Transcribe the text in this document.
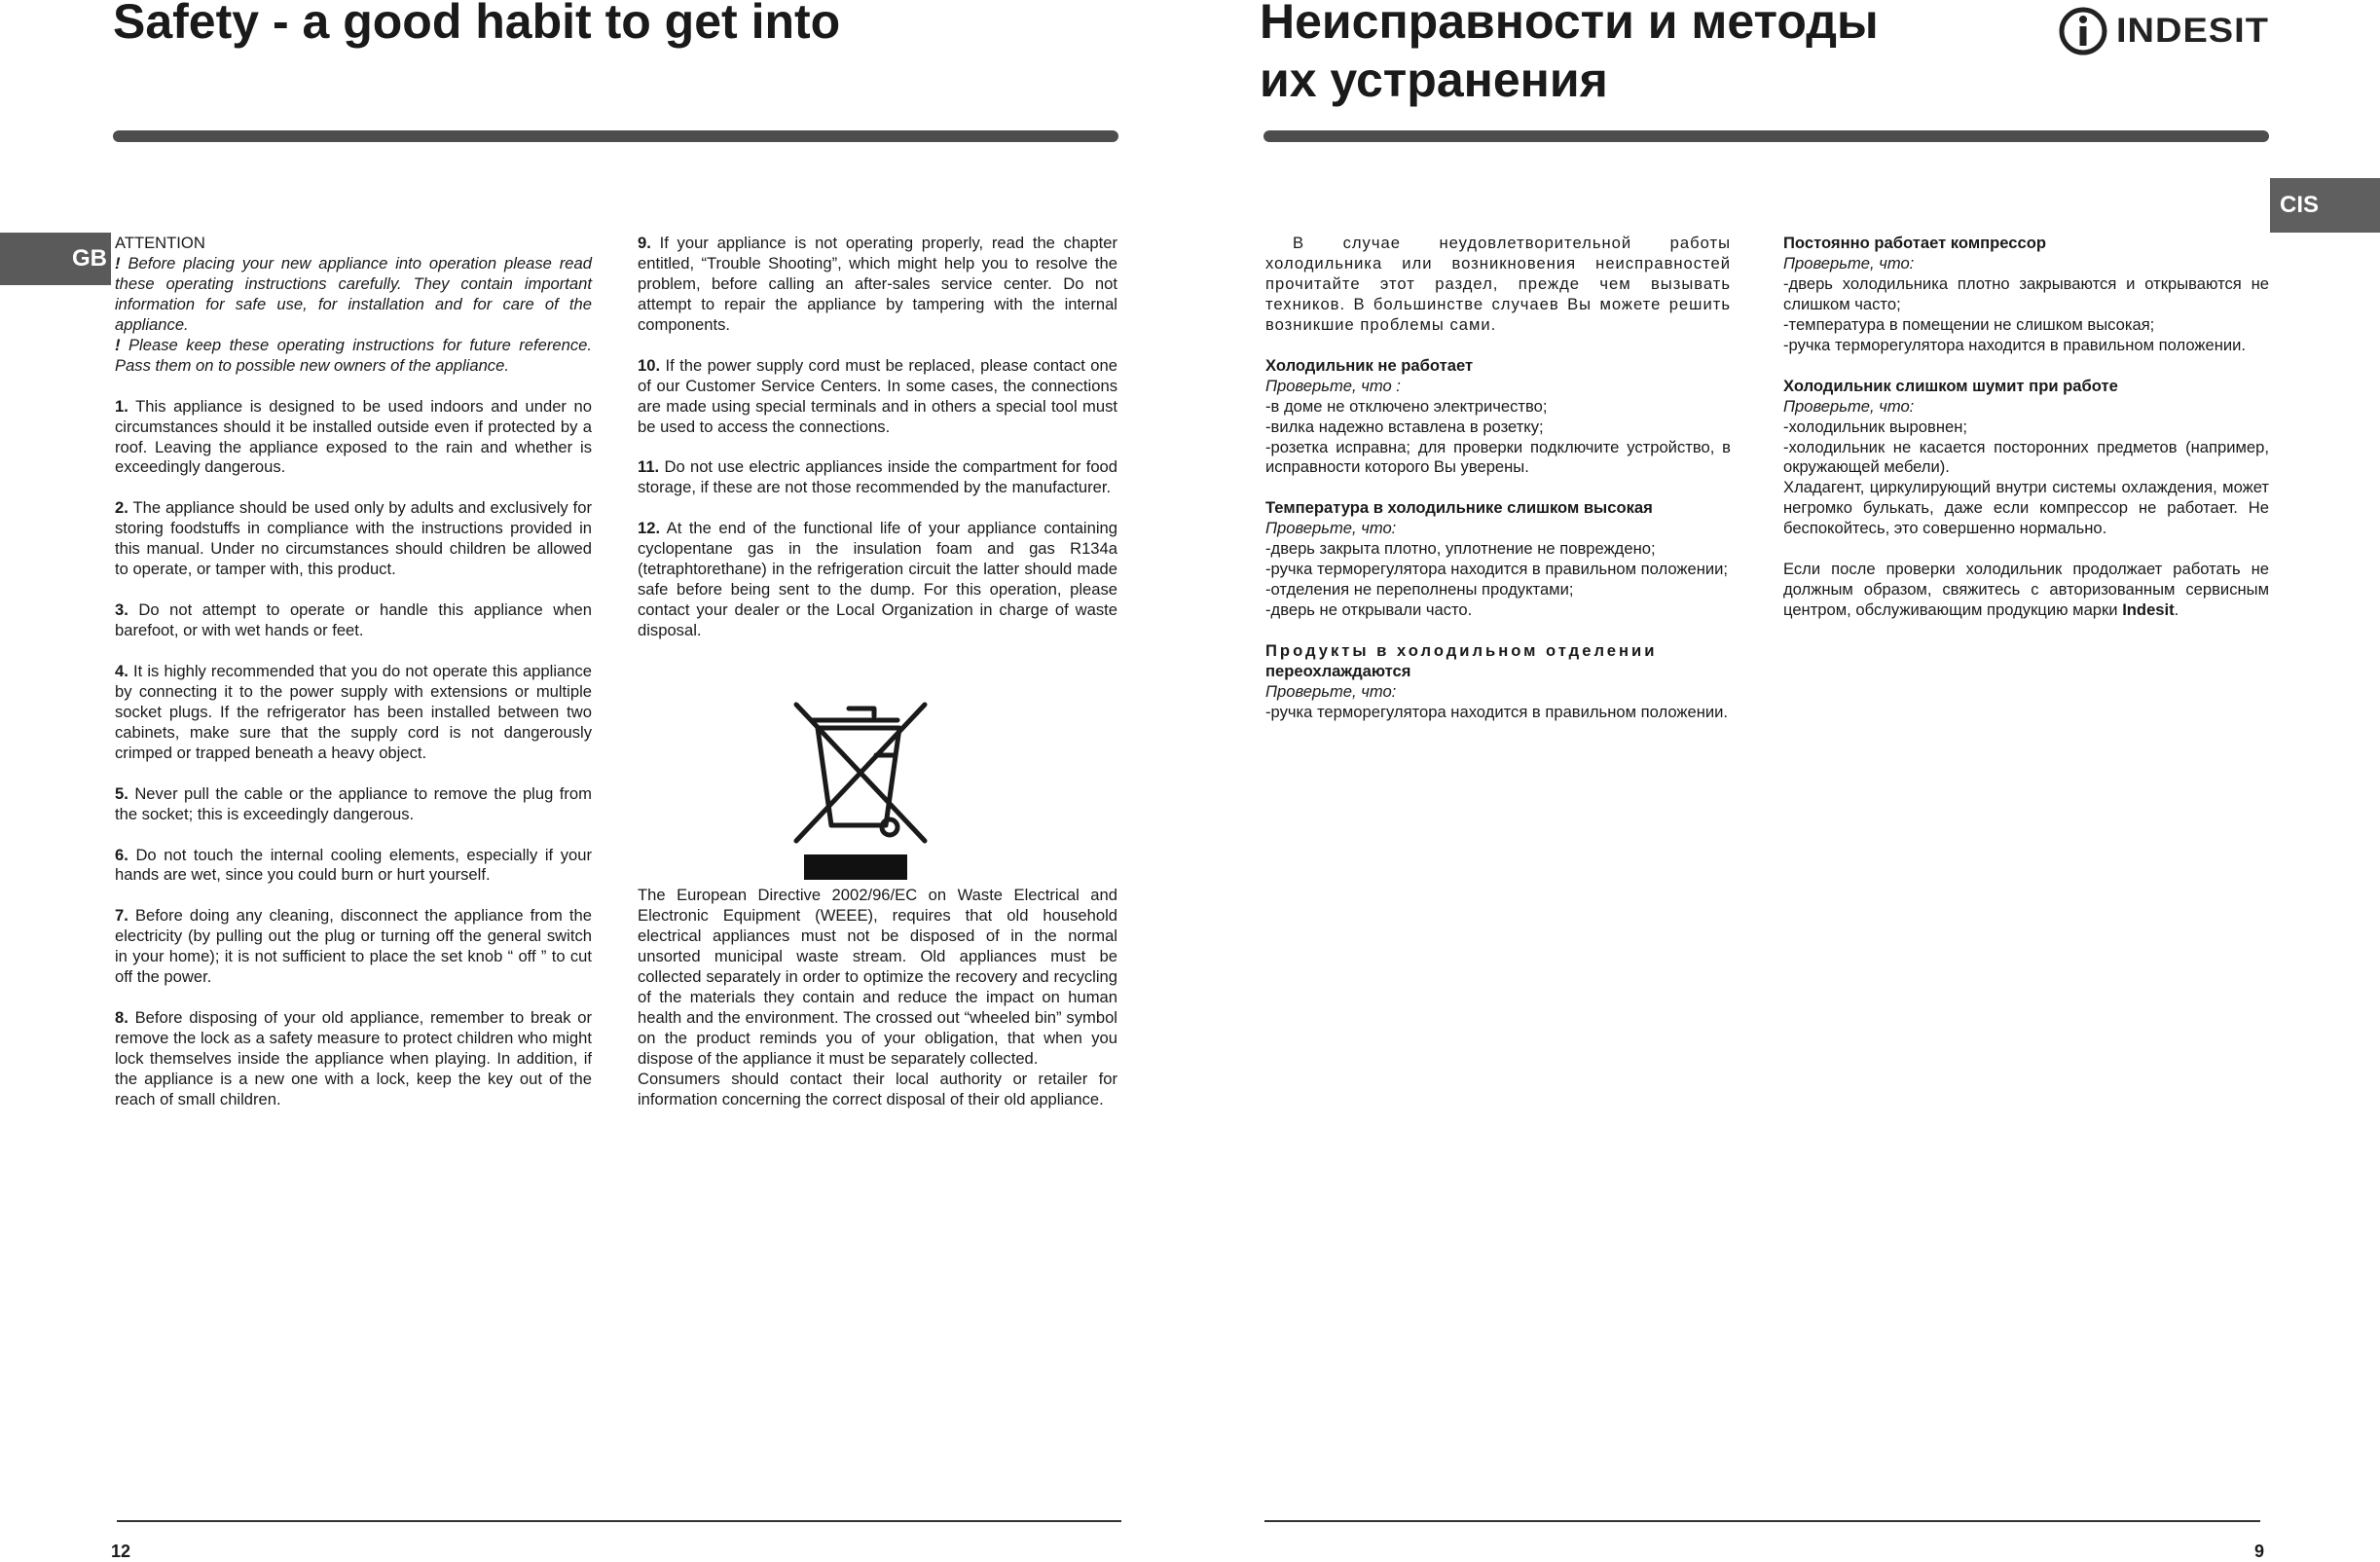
Safety - a good habit to get into
GB

ATTENTION

! Before placing your new appliance into operation please read these operating instructions carefully. They contain important information for safe use, for installation and for care of the appliance.

! Please keep these operating instructions for future reference. Pass them on to possible new owners of the appliance.

1. This appliance is designed to be used indoors and under no circumstances should it be installed outside even if protected by a roof. Leaving the appliance exposed to the rain and whether is exceedingly dangerous.

2. The appliance should be used only by adults and exclusively for storing foodstuffs in compliance with the instructions provided in this manual. Under no circumstances should children be allowed to operate, or tamper with, this product.

3. Do not attempt to operate or handle this appliance when barefoot, or with wet hands or feet.

4. It is highly recommended that you do not operate this appliance by connecting it to the power supply with extensions or multiple socket plugs. If the refrigerator has been installed between two cabinets, make sure that the supply cord is not dangerously crimped or trapped beneath a heavy object.

5. Never pull the cable or the appliance to remove the plug from the socket; this is exceedingly dangerous.

6. Do not touch the internal cooling elements, especially if your hands are wet, since you could burn or hurt yourself.

7. Before doing any cleaning, disconnect the appliance from the electricity (by pulling out the plug or turning off the general switch in your home); it is not sufficient to place the set knob “ off ” to cut off the power.

8. Before disposing of your old appliance, remember to break or remove the lock as a safety measure to protect children who might lock themselves inside the appliance when playing. In addition, if the appliance is a new one with a lock, keep the key out of the reach of small children.

9. If your appliance is not operating properly, read the chapter entitled, “Trouble Shooting”, which might help you to resolve the problem, before calling an after-sales service center. Do not attempt to repair the appliance by tampering with the internal components.

10. If the power supply cord must be replaced, please contact one of our Customer Service Centers. In some cases, the connections are made using special terminals and in others a special tool must be used to access the connections.

11. Do not use electric appliances inside the compartment for food storage, if these are not those recommended by the manufacturer.

12. At the end of the functional life of your appliance containing cyclopentane gas in the insulation foam and gas R134a (tetraphtorethane) in the refrigeration circuit the latter should made safe before being sent to the dump. For this operation, please contact your dealer or the Local Organization in charge of waste disposal.

The European Directive 2002/96/EC on Waste Electrical and Electronic Equipment (WEEE), requires that old household electrical appliances must not be disposed of in the normal unsorted municipal waste stream. Old appliances must be collected separately in order to optimize the recovery and recycling of the materials they contain and reduce the impact on human health and the environment. The crossed out “wheeled bin” symbol on the product reminds you of your obligation, that when you dispose of the appliance it must be separately collected.

Consumers should contact their local authority or retailer for information concerning the correct disposal of their old appliance.

12
Неисправности и методы
их устранения
INDESIT
CIS

В случае неудовлетворительной работы холодильника или возникновения неисправностей прочитайте этот раздел, прежде чем вызывать техников. В большинстве случаев Вы можете решить возникшие проблемы сами.

Холодильник не работает

Проверьте, что :

-в доме не отключено электричество;

-вилка надежно вставлена в розетку;

-розетка исправна; для проверки подключите устройство, в исправности которого Вы уверены.

Температура в холодильнике слишком высокая

Проверьте, что:

-дверь закрыта плотно, уплотнение не повреждено;

-ручка терморегулятора находится в правильном положении;

-отделения не переполнены продуктами;

-дверь не открывали часто.

Продукты в холодильном отделении

переохлаждаются

Проверьте, что:

-ручка терморегулятора находится в правильном положении.

Постоянно работает компрессор

Проверьте, что:

-дверь холодильника плотно закрываются и открываются не слишком часто;

-температура в помещении не слишком высокая;

-ручка терморегулятора находится в правильном положении.

Холодильник слишком шумит при работе

Проверьте, что:

-холодильник выровнен;

-холодильник не касается посторонних предметов (например, окружающей мебели).

Хладагент, циркулирующий внутри системы охлаждения, может негромко булькать, даже если компрессор не работает. Не беспокойтесь, это совершенно нормально.

Если после проверки холодильник продолжает работать не должным образом, свяжитесь с авторизованным сервисным центром, обслуживающим продукцию марки Indesit.

9
